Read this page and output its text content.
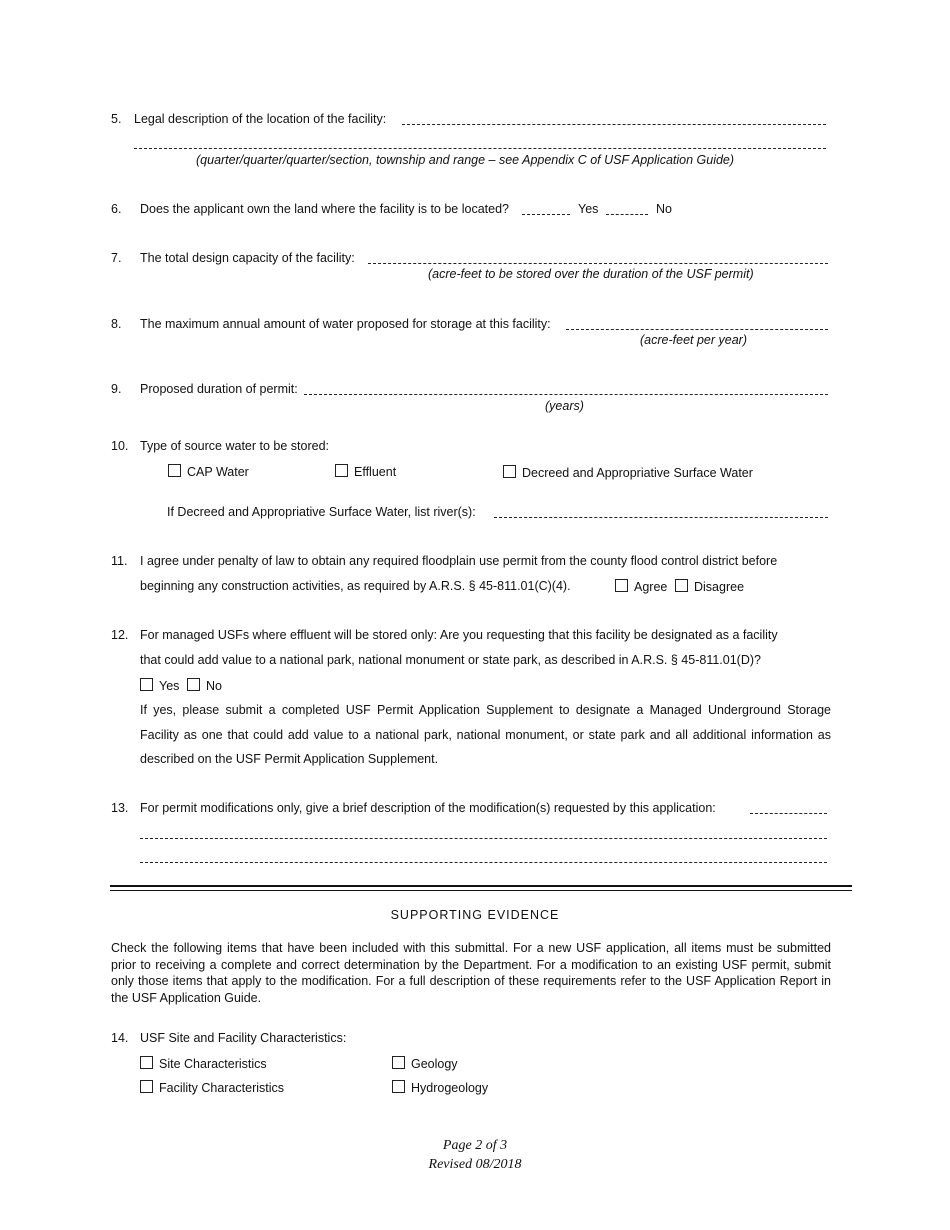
5. Legal description of the location of the facility:
(quarter/quarter/quarter/section, township and range – see Appendix C of USF Application Guide)
6. Does the applicant own the land where the facility is to be located?	Yes	No
7. The total design capacity of the facility:
(acre-feet to be stored over the duration of the USF permit)
8. The maximum annual amount of water proposed for storage at this facility:
(acre-feet per year)
9. Proposed duration of permit:
(years)
10. Type of source water to be stored:
CAP Water	Effluent	Decreed and Appropriative Surface Water
If Decreed and Appropriative Surface Water, list river(s):
11. I agree under penalty of law to obtain any required floodplain use permit from the county flood control district before
beginning any construction activities, as required by A.R.S. § 45-811.01(C)(4).	Agree	Disagree
12. For managed USFs where effluent will be stored only: Are you requesting that this facility be designated as a facility
that could add value to a national park, national monument or state park, as described in A.R.S. § 45-811.01(D)?
Yes	No
If yes, please submit a completed USF Permit Application Supplement to designate a Managed Underground Storage Facility as one that could add value to a national park, national monument, or state park and all additional information as described on the USF Permit Application Supplement.
13. For permit modifications only, give a brief description of the modification(s) requested by this application:
SUPPORTING EVIDENCE
Check the following items that have been included with this submittal. For a new USF application, all items must be submitted prior to receiving a complete and correct determination by the Department. For a modification to an existing USF permit, submit only those items that apply to the modification. For a full description of these requirements refer to the USF Application Report in the USF Application Guide.
14. USF Site and Facility Characteristics:
Site Characteristics	Geology
Facility Characteristics	Hydrogeology
Page 2 of 3
Revised 08/2018
